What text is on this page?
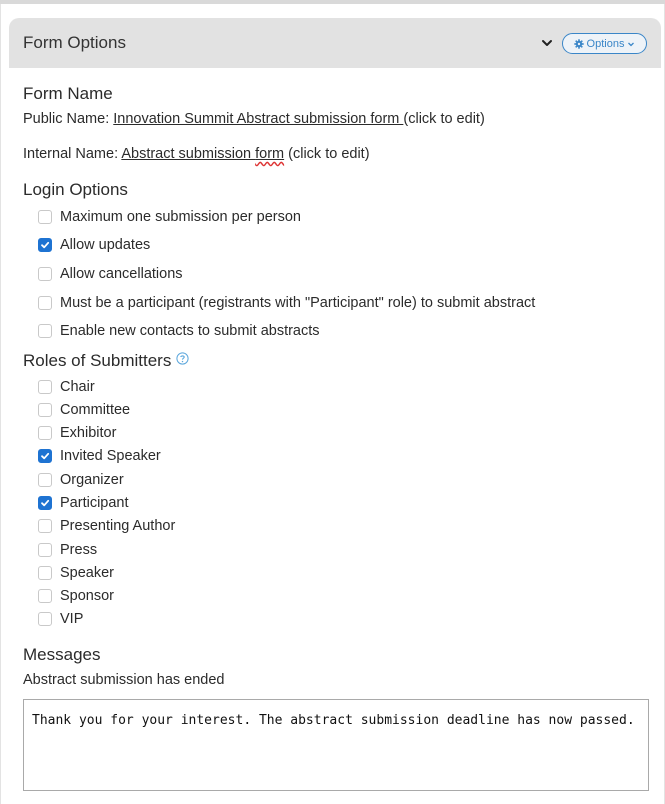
Form Options	Options
Form Name
Public Name: Innovation Summit Abstract submission form (click to edit)
Internal Name: Abstract submission form (click to edit)
Login Options
Maximum one submission per person
Allow updates
Allow cancellations
Must be a participant (registrants with "Participant" role) to submit abstract
Enable new contacts to submit abstracts
Roles of Submitters
Chair
Committee
Exhibitor
Invited Speaker
Organizer
Participant
Presenting Author
Press
Speaker
Sponsor
VIP
Messages
Abstract submission has ended
Thank you for your interest. The abstract submission deadline has now passed.
